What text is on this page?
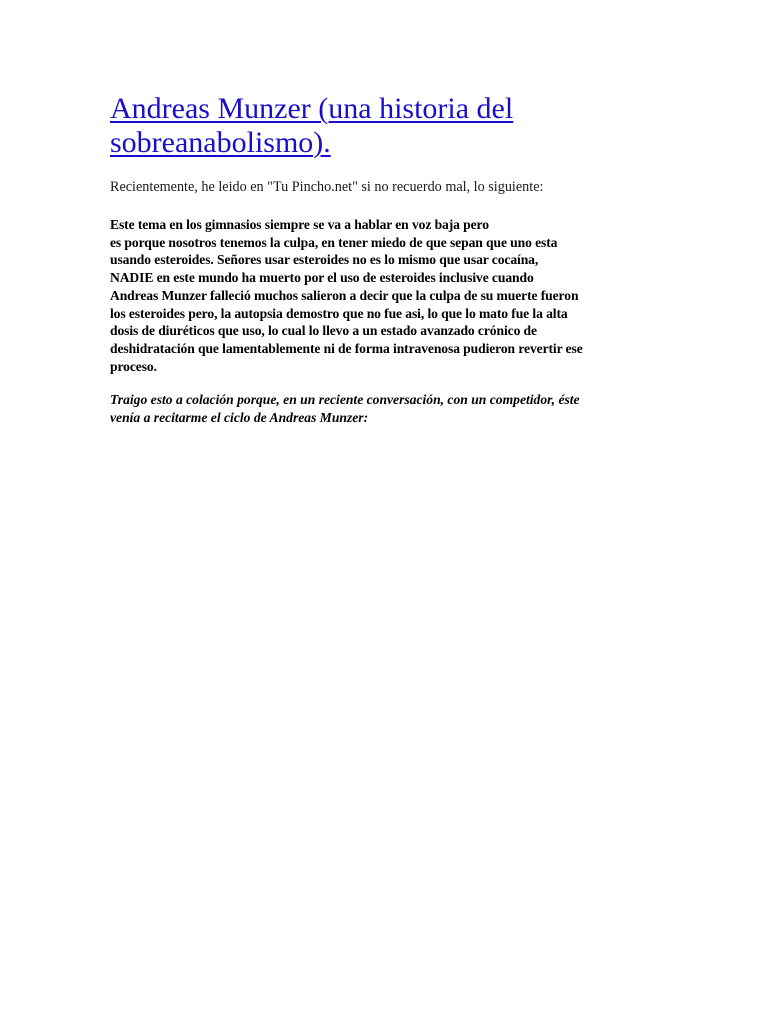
Andreas Munzer (una historia del
sobreanabolismo).

Recientemente, he leido en "Tu Pincho.net" si no recuerdo mal, lo siguiente:

Este tema en los gimnasios siempre se va a hablar en voz baja pero
es porque nosotros tenemos la culpa, en tener miedo de que sepan que uno esta
usando esteroides. Señores usar esteroides no es lo mismo que usar cocaína,
NADIE en este mundo ha muerto por el uso de esteroides inclusive cuando
Andreas Munzer falleció muchos salieron a decir que la culpa de su muerte fueron
los esteroides pero, la autopsia demostro que no fue asi, lo que lo mato fue la alta
dosis de diuréticos que uso, lo cual lo llevo a un estado avanzado crónico de
deshidratación que lamentablemente ni de forma intravenosa pudieron revertir ese
proceso.

Traigo esto a colación porque, en un reciente conversación, con un competidor, éste
venía a recitarme el ciclo de Andreas Munzer:
